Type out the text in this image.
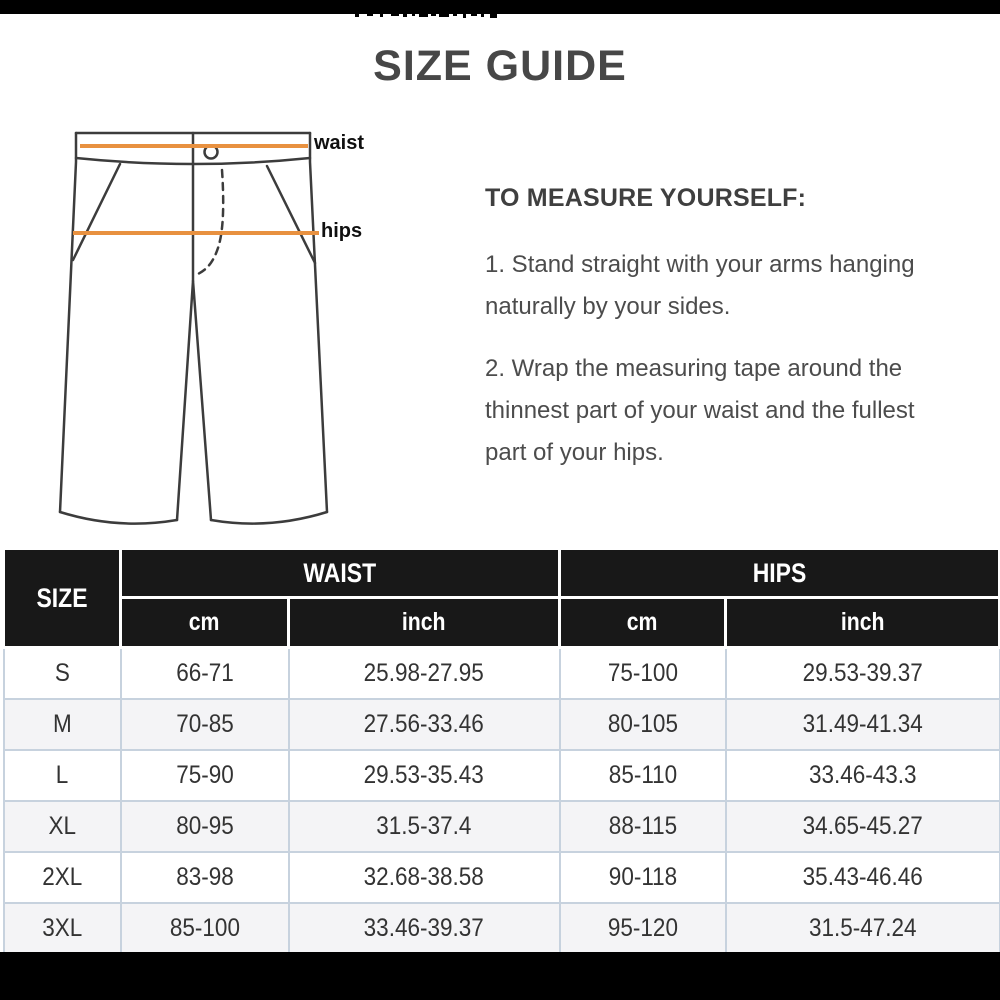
SIZE GUIDE
waist
hips
TO MEASURE YOURSELF:
1. Stand straight with your arms hanging
naturally by your sides.
2. Wrap the measuring tape around the
thinnest part of your waist and the fullest
part of your hips.
SIZE	WAIST		HIPS	
	cm	inch	cm	inch
S	66-71	25.98-27.95	75-100	29.53-39.37
M	70-85	27.56-33.46	80-105	31.49-41.34
L	75-90	29.53-35.43	85-110	33.46-43.3
XL	80-95	31.5-37.4	88-115	34.65-45.27
2XL	83-98	32.68-38.58	90-118	35.43-46.46
3XL	85-100	33.46-39.37	95-120	31.5-47.24
